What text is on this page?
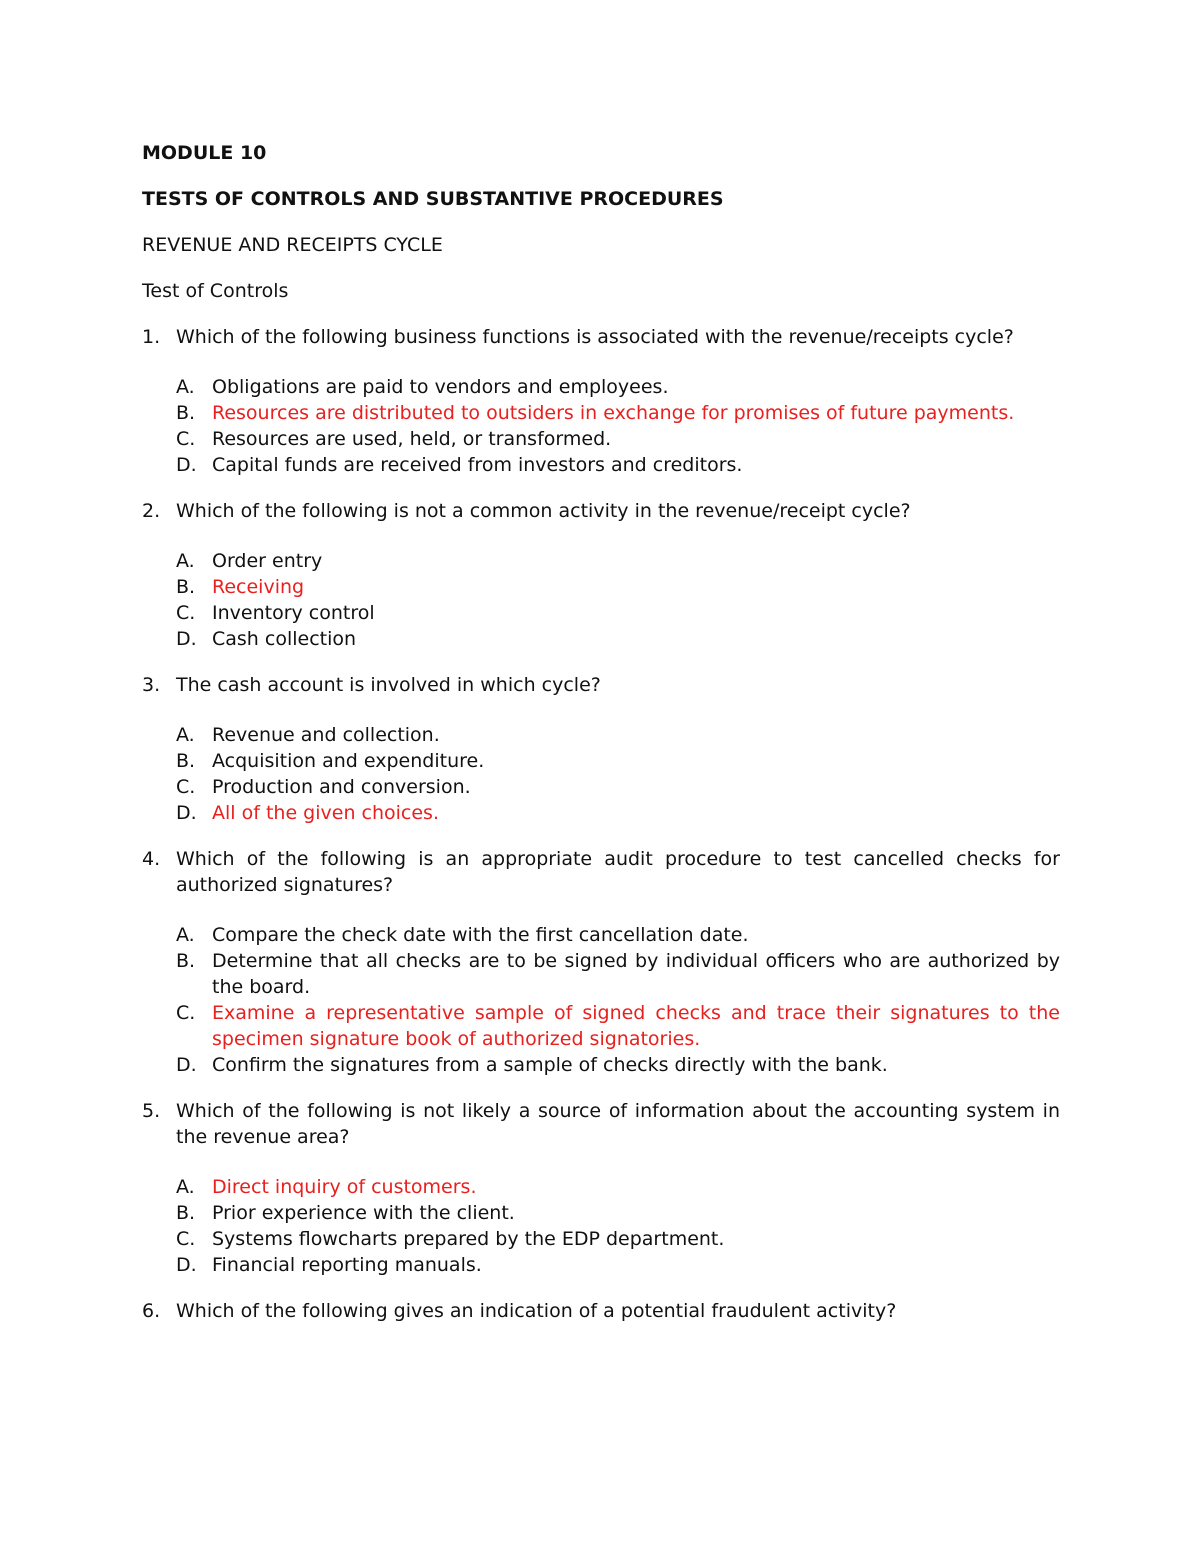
MODULE 10
TESTS OF CONTROLS AND SUBSTANTIVE PROCEDURES
REVENUE AND RECEIPTS CYCLE
Test of Controls
1. Which of the following business functions is associated with the revenue/receipts cycle?
A. Obligations are paid to vendors and employees.
B. Resources are distributed to outsiders in exchange for promises of future payments.
C. Resources are used, held, or transformed.
D. Capital funds are received from investors and creditors.
2. Which of the following is not a common activity in the revenue/receipt cycle?
A. Order entry
B. Receiving
C. Inventory control
D. Cash collection
3. The cash account is involved in which cycle?
A. Revenue and collection.
B. Acquisition and expenditure.
C. Production and conversion.
D. All of the given choices.
4. Which of the following is an appropriate audit procedure to test cancelled checks for authorized signatures?
A. Compare the check date with the first cancellation date.
B. Determine that all checks are to be signed by individual officers who are authorized by the board.
C. Examine a representative sample of signed checks and trace their signatures to the specimen signature book of authorized signatories.
D. Confirm the signatures from a sample of checks directly with the bank.
5. Which of the following is not likely a source of information about the accounting system in the revenue area?
A. Direct inquiry of customers.
B. Prior experience with the client.
C. Systems flowcharts prepared by the EDP department.
D. Financial reporting manuals.
6. Which of the following gives an indication of a potential fraudulent activity?
